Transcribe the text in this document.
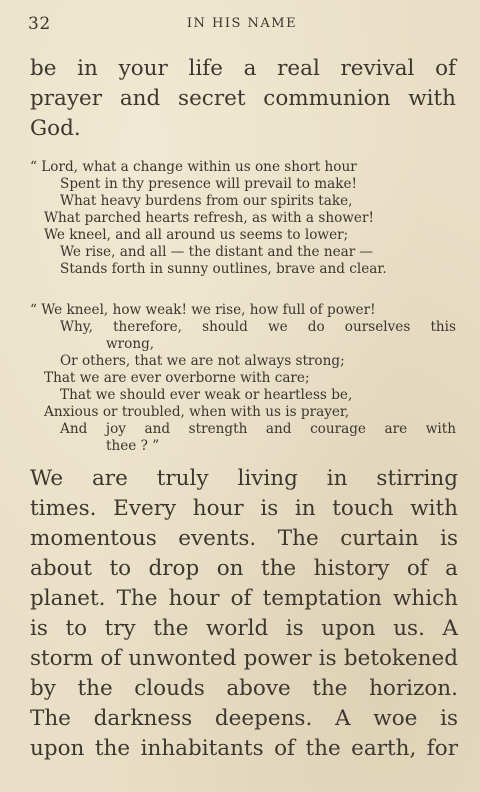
32	IN HIS NAME
be in your life a real revival of
prayer and secret communion with
God.
“ Lord, what a change within us one short hour
Spent in thy presence will prevail to make!
What heavy burdens from our spirits take,
What parched hearts refresh, as with a shower!
We kneel, and all around us seems to lower;
We rise, and all — the distant and the near —
Stands forth in sunny outlines, brave and clear.
“ We kneel, how weak! we rise, how full of power!
Why, therefore, should we do ourselves this
wrong,
Or others, that we are not always strong;
That we are ever overborne with care;
That we should ever weak or heartless be,
Anxious or troubled, when with us is prayer,
And joy and strength and courage are with
thee ? ”
We are truly living in stirring
times. Every hour is in touch with
momentous events. The curtain is
about to drop on the history of a
planet. The hour of temptation which
is to try the world is upon us. A
storm of unwonted power is betokened
by the clouds above the horizon.
The darkness deepens. A woe is
upon the inhabitants of the earth, for
